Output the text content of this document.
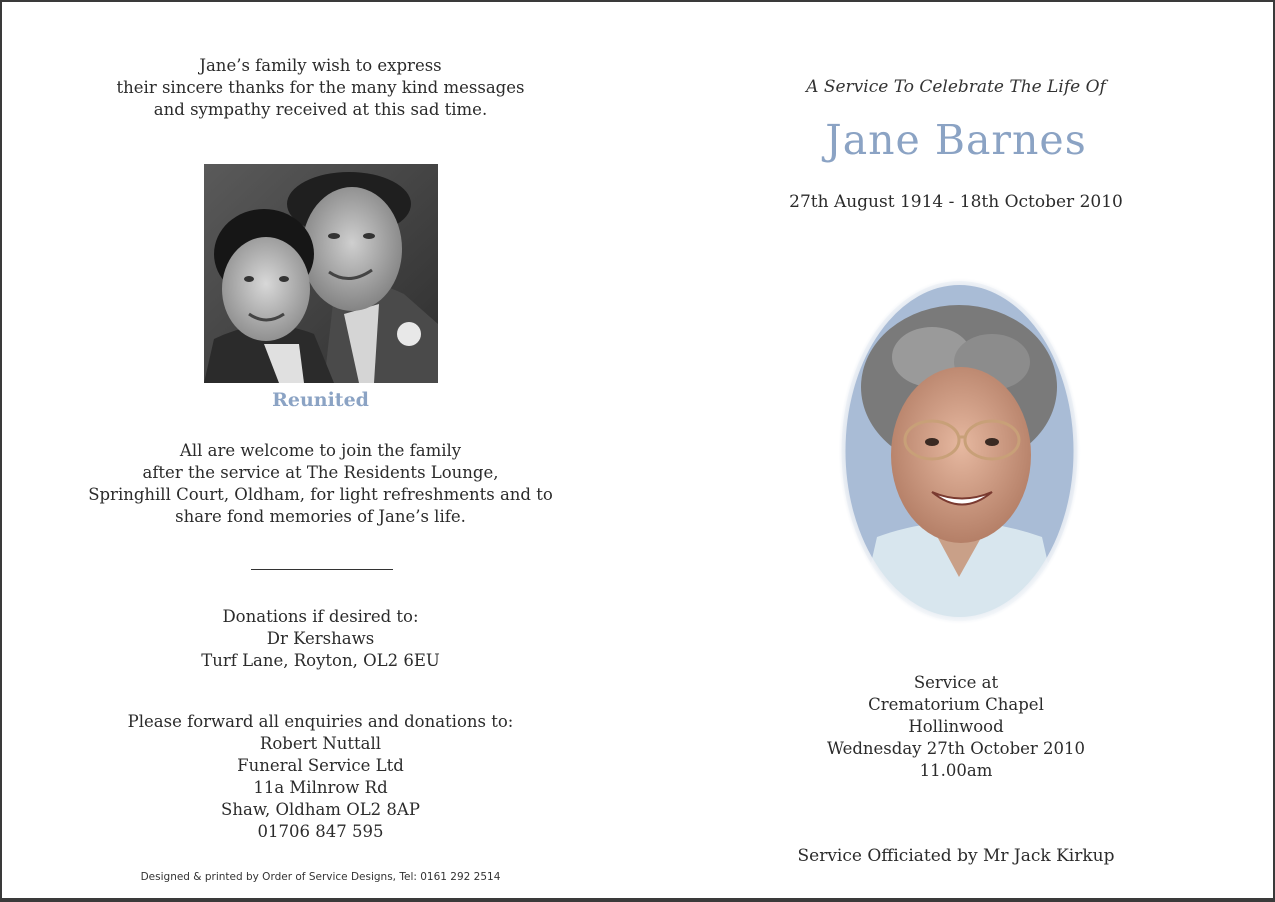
Jane’s family wish to express
their sincere thanks for the many kind messages
and sympathy received at this sad time.
Reunited
All are welcome to join the family
after the service at The Residents Lounge,
Springhill Court, Oldham, for light refreshments and to
share fond memories of Jane’s life.
Donations if desired to:
Dr Kershaws
Turf Lane, Royton, OL2 6EU
Please forward all enquiries and donations to:
Robert Nuttall
Funeral Service Ltd
11a Milnrow Rd
Shaw, Oldham OL2 8AP
01706 847 595
Designed & printed by Order of Service Designs, Tel: 0161 292 2514
A Service To Celebrate The Life Of
Jane Barnes
27th August 1914 - 18th October 2010
Service at
Crematorium Chapel
Hollinwood
Wednesday 27th October 2010
11.00am
Service Officiated by Mr Jack Kirkup
